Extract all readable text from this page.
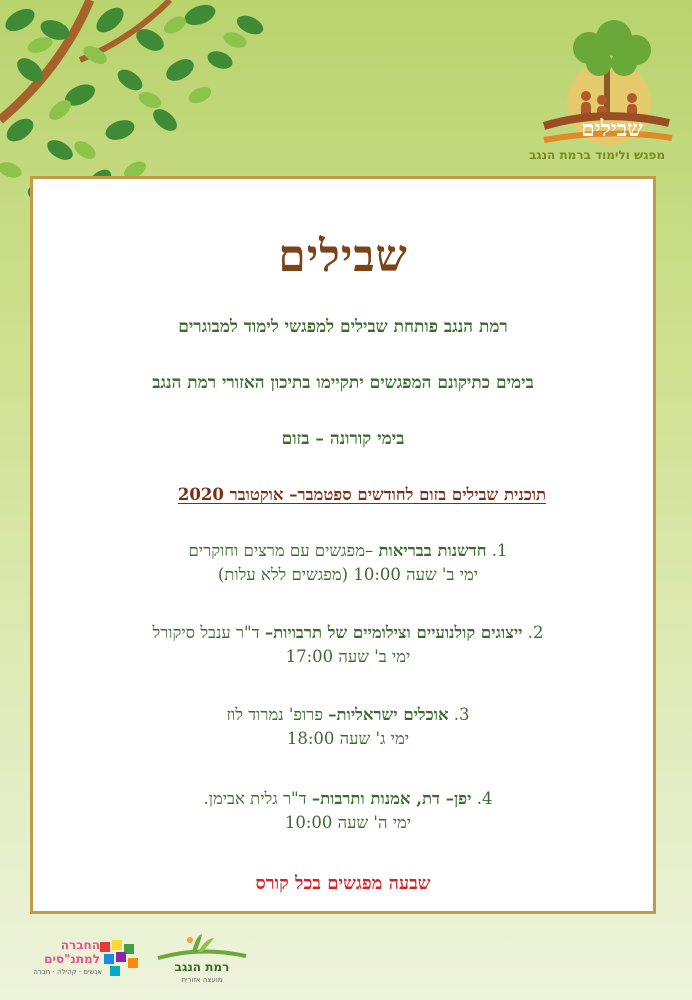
שבילים
מפגש ולימוד ברמת הנגב
שבילים
רמת הנגב פותחת שבילים למפגשי לימוד למבוגרים
בימים כתיקונם המפגשים יתקיימו בתיכון האזורי רמת הנגב
בימי קורונה – בזום
תוכנית שבילים בזום לחודשים ספטמבר– אוקטובר 2020
1. חדשנות בבריאות –מפגשים עם מרצים וחוקרים
ימי ב' שעה 10:00 (מפגשים ללא עלות)
2. ייצוגים קולנועיים וצילומיים של תרבויות– ד"ר ענבל סיקורל
ימי ב' שעה 17:00
3. אוכלים ישראליות– פרופ' נמרוד לוז
ימי ג' שעה 18:00
4. יפן– דת, אמנות ותרבות– ד"ר גלית אבימן.
ימי ה' שעה 10:00
שבעה מפגשים בכל קורס
החברה למתנ"סים
אנשים · קהילה · חברה	רמת הנגב
מועצה אזורית
